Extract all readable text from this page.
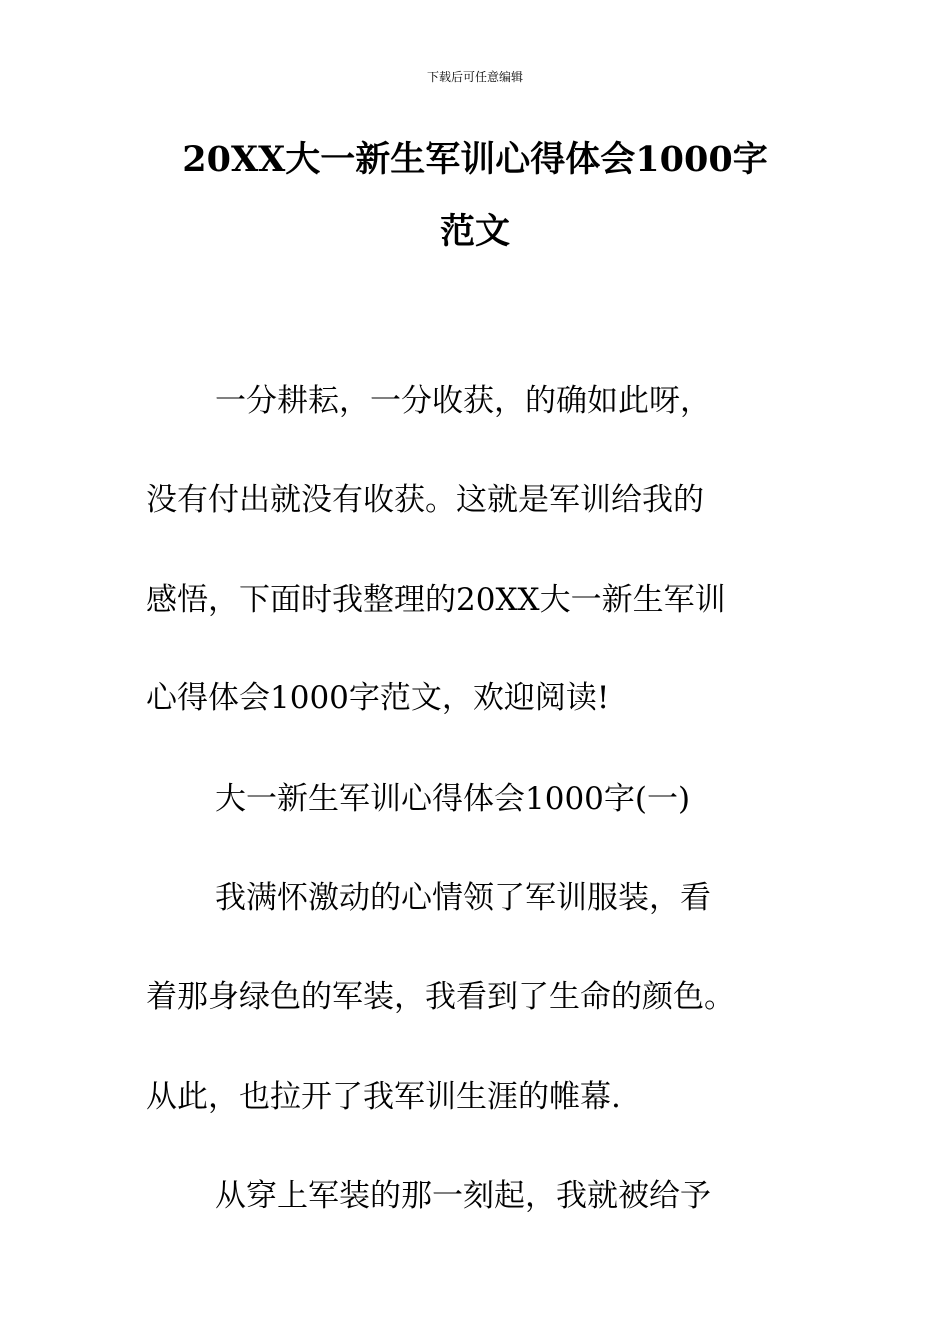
下载后可任意编辑
20XX大一新生军训心得体会1000字
范文
一分耕耘，一分收获，的确如此呀，
没有付出就没有收获。这就是军训给我的
感悟，下面时我整理的20XX大一新生军训
心得体会1000字范文，欢迎阅读!
大一新生军训心得体会1000字(一)
我满怀激动的心情领了军训服装，看
着那身绿色的军装，我看到了生命的颜色。
从此，也拉开了我军训生涯的帷幕.
从穿上军装的那一刻起，我就被给予
